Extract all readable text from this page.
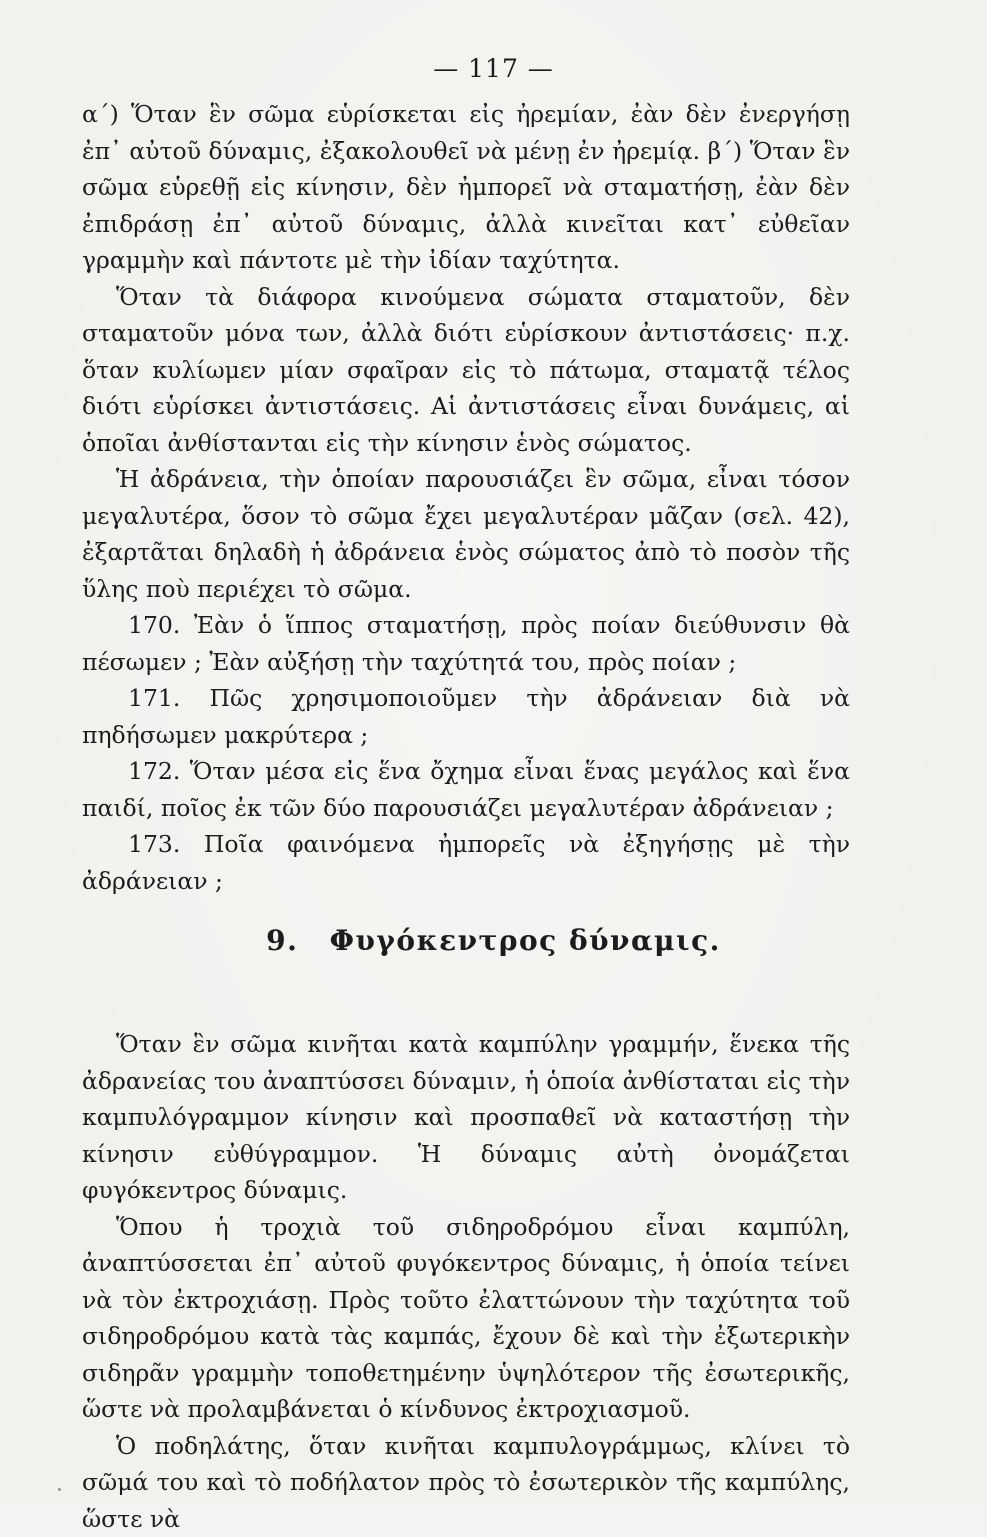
— 117 —

α΄) Ὅταν ἓν σῶμα εὑρίσκεται εἰς ἠρεμίαν, ἐὰν δὲν ἐνεργήσῃ ἐπ᾽ αὐτοῦ δύναμις, ἐξακολουθεῖ νὰ μένῃ ἐν ἠρεμίᾳ. β΄) Ὅταν ἓν σῶμα εὑρεθῇ εἰς κίνησιν, δὲν ἠμπορεῖ νὰ σταματήσῃ, ἐὰν δὲν ἐπιδράσῃ ἐπ᾽ αὐτοῦ δύναμις, ἀλλὰ κινεῖται κατ᾽ εὐθεῖαν γραμμὴν καὶ πάντοτε μὲ τὴν ἰδίαν ταχύτητα.

Ὅταν τὰ διάφορα κινούμενα σώματα σταματοῦν, δὲν σταματοῦν μόνα των, ἀλλὰ διότι εὑρίσκουν ἀντιστάσεις· π.χ. ὅταν κυλίωμεν μίαν σφαῖραν εἰς τὸ πάτωμα, σταματᾷ τέλος διότι εὑρίσκει ἀντιστάσεις. Αἱ ἀντιστάσεις εἶναι δυνάμεις, αἱ ὁποῖαι ἀνθίστανται εἰς τὴν κίνησιν ἑνὸς σώματος.

Ἡ ἀδράνεια, τὴν ὁποίαν παρουσιάζει ἓν σῶμα, εἶναι τόσον μεγαλυτέρα, ὅσον τὸ σῶμα ἔχει μεγαλυτέραν μᾶζαν (σελ. 42), ἐξαρτᾶται δηλαδὴ ἡ ἀδράνεια ἑνὸς σώματος ἀπὸ τὸ ποσὸν τῆς ὕλης ποὺ περιέχει τὸ σῶμα.

170. Ἐὰν ὁ ἵππος σταματήσῃ, πρὸς ποίαν διεύθυνσιν θὰ πέσωμεν ; Ἐὰν αὐξήσῃ τὴν ταχύτητά του, πρὸς ποίαν ;

171. Πῶς χρησιμοποιοῦμεν τὴν ἀδράνειαν διὰ νὰ πηδήσωμεν μακρύτερα ;

172. Ὅταν μέσα εἰς ἕνα ὄχημα εἶναι ἕνας μεγάλος καὶ ἕνα παιδί, ποῖος ἐκ τῶν δύο παρουσιάζει μεγαλυτέραν ἀδράνειαν ;

173. Ποῖα φαινόμενα ἠμπορεῖς νὰ ἐξηγήσῃς μὲ τὴν ἀδράνειαν ;

9. Φυγόκεντρος δύναμις.

Ὅταν ἓν σῶμα κινῆται κατὰ καμπύλην γραμμήν, ἕνεκα τῆς ἀδρανείας του ἀναπτύσσει δύναμιν, ἡ ὁποία ἀνθίσταται εἰς τὴν καμπυλόγραμμον κίνησιν καὶ προσπαθεῖ νὰ καταστήσῃ τὴν κίνησιν εὐθύγραμμον. Ἡ δύναμις αὐτὴ ὀνομάζεται φυγόκεντρος δύναμις.

Ὅπου ἡ τροχιὰ τοῦ σιδηροδρόμου εἶναι καμπύλη, ἀναπτύσσεται ἐπ᾽ αὐτοῦ φυγόκεντρος δύναμις, ἡ ὁποία τείνει νὰ τὸν ἐκτροχιάσῃ. Πρὸς τοῦτο ἐλαττώνουν τὴν ταχύτητα τοῦ σιδηροδρόμου κατὰ τὰς καμπάς, ἔχουν δὲ καὶ τὴν ἐξωτερικὴν σιδηρᾶν γραμμὴν τοποθετημένην ὑψηλότερον τῆς ἐσωτερικῆς, ὥστε νὰ προλαμβάνεται ὁ κίνδυνος ἐκτροχιασμοῦ.

Ὁ ποδηλάτης, ὅταν κινῆται καμπυλογράμμως, κλίνει τὸ σῶμά του καὶ τὸ ποδήλατον πρὸς τὸ ἐσωτερικὸν τῆς καμπύλης, ὥστε νὰ
